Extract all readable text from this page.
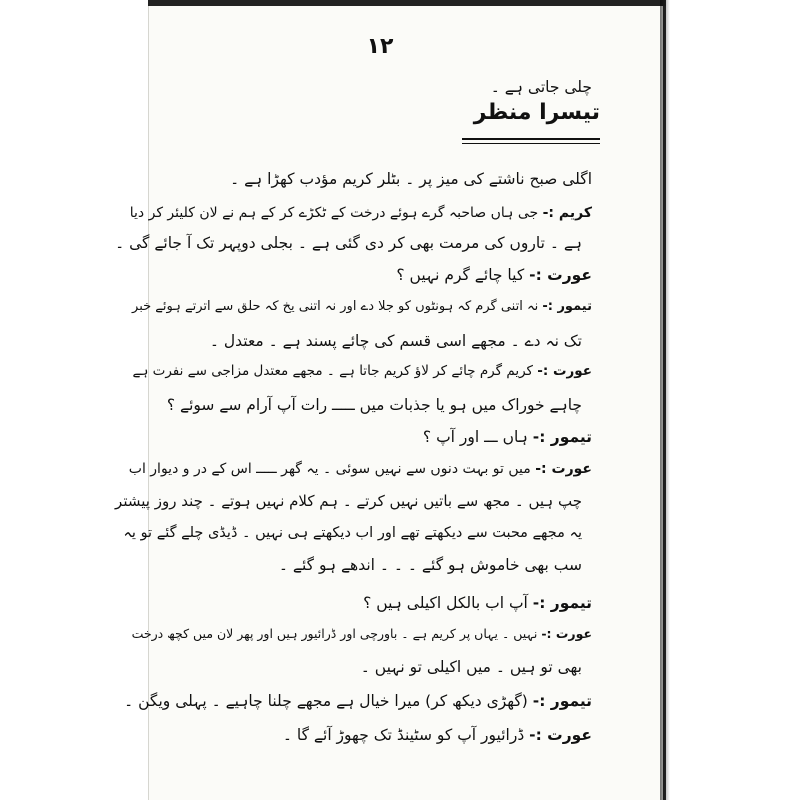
۱۲
تیسرا منظر
چلی جاتی ہے ۔
اگلی صبح ناشتے کی میز پر ۔ بٹلر کریم مؤدب کھڑا ہے ۔
کریم :- جی ہاں صاحبہ گرے ہوئے درخت کے ٹکڑے کر کے ہم نے لان کلیئر کر دیا
ہے ۔ تاروں کی مرمت بھی کر دی گئی ہے ۔ بجلی دوپہر تک آ جائے گی ۔
عورت :- کیا چائے گرم نہیں ؟
تیمور :- نہ اتنی گرم کہ ہونٹوں کو جلا دے اور نہ اتنی یخ کہ حلق سے اترتے ہوئے خبر
تک نہ دے ۔ مجھے اسی قسم کی چائے پسند ہے ۔ معتدل ۔
عورت :- کریم گرم چائے کر لاؤ کریم جاتا ہے ۔ مجھے معتدل مزاجی سے نفرت ہے
چاہے خوراک میں ہو یا جذبات میں ـــــ رات آپ آرام سے سوئے ؟
تیمور :- ہاں ـــ اور آپ ؟
عورت :- میں تو بہت دنوں سے نہیں سوئی ۔ یہ گھر ـــــ اس کے در و دیوار اب
چپ ہیں ۔ مجھ سے باتیں نہیں کرتے ۔ ہم کلام نہیں ہوتے ۔ چند روز پیشتر
یہ مجھے محبت سے دیکھتے تھے اور اب دیکھتے ہی نہیں ۔ ڈیڈی چلے گئے تو یہ
سب بھی خاموش ہو گئے ۔ ۔ ۔ اندھے ہو گئے ۔
تیمور :- آپ اب بالکل اکیلی ہیں ؟
عورت :- نہیں ۔ یہاں پر کریم ہے ۔ باورچی اور ڈرائیور ہیں اور پھر لان میں کچھ درخت
بھی تو ہیں ۔ میں اکیلی تو نہیں ۔
تیمور :- (گھڑی دیکھ کر) میرا خیال ہے مجھے چلنا چاہیے ۔ پہلی ویگن ۔
عورت :- ڈرائیور آپ کو سٹینڈ تک چھوڑ آئے گا ۔
